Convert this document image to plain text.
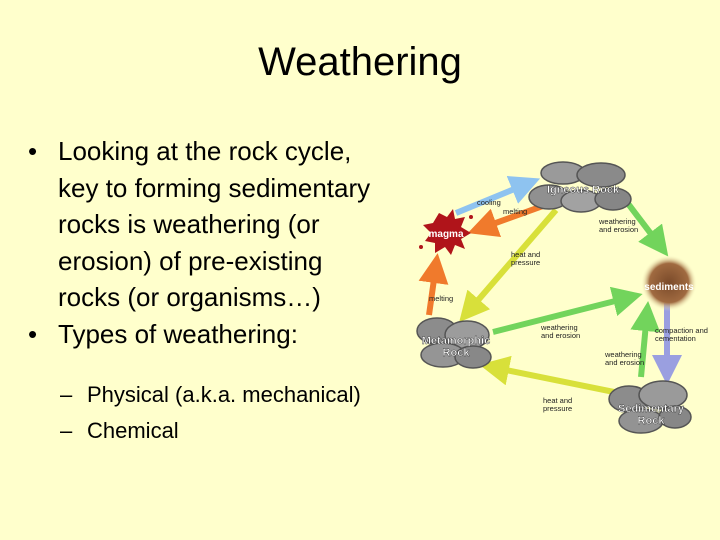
Weathering
• Looking at the rock cycle,
key to forming sedimentary
rocks is weathering (or
erosion) of pre-existing
rocks (or organisms…)
• Types of weathering:
– Physical (a.k.a. mechanical)
– Chemical
Igneous Rock
magma
sediments
Metamorphic
Rock
Sedimentary
Rock
cooling
melting
weathering
and erosion
heat and
pressure
melting
weathering
and erosion
compaction and
cementation
weathering
and erosion
heat and
pressure
